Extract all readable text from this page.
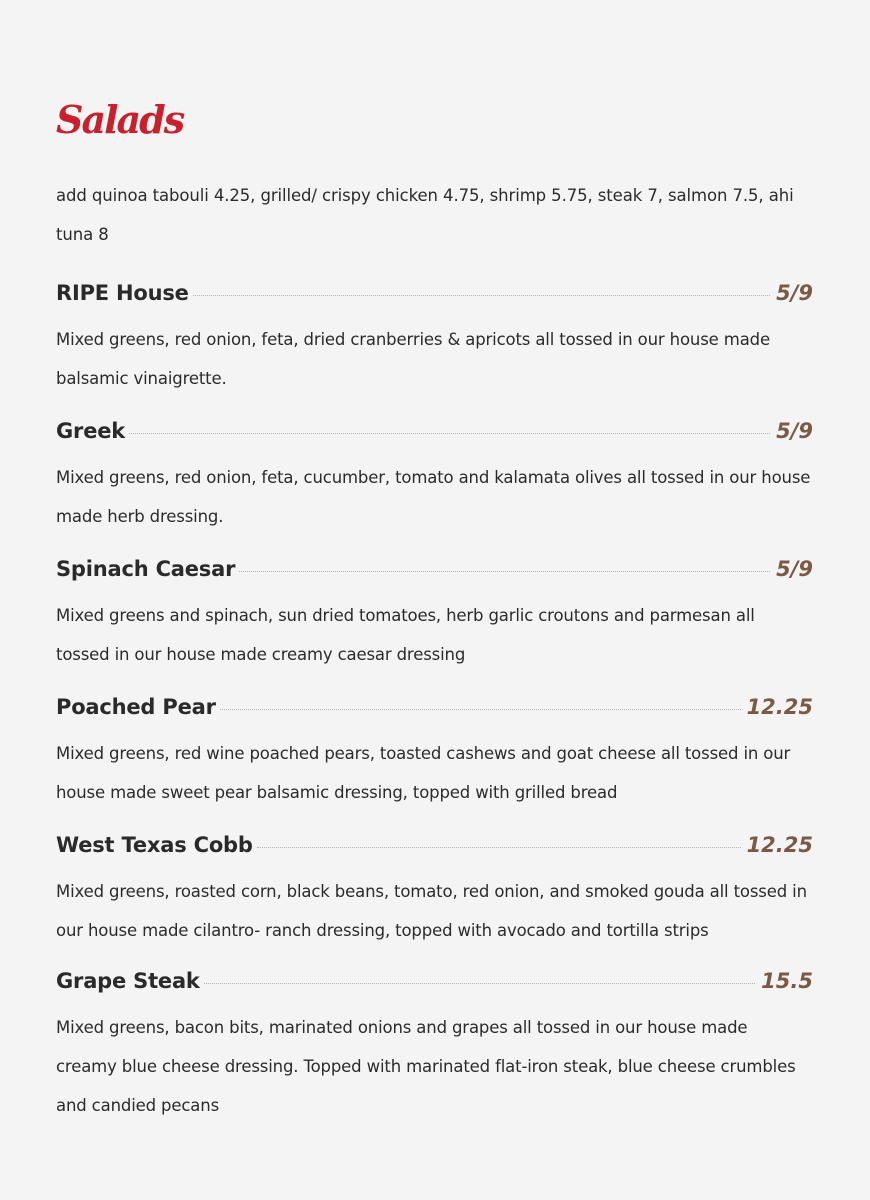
Salads
add quinoa tabouli 4.25, grilled/ crispy chicken 4.75, shrimp 5.75, steak 7, salmon 7.5, ahi tuna 8
RIPE House	5/9
Mixed greens, red onion, feta, dried cranberries & apricots all tossed in our house made balsamic vinaigrette.
Greek	5/9
Mixed greens, red onion, feta, cucumber, tomato and kalamata olives all tossed in our house made herb dressing.
Spinach Caesar	5/9
Mixed greens and spinach, sun dried tomatoes, herb garlic croutons and parmesan all tossed in our house made creamy caesar dressing
Poached Pear	12.25
Mixed greens, red wine poached pears, toasted cashews and goat cheese all tossed in our house made sweet pear balsamic dressing, topped with grilled bread
West Texas Cobb	12.25
Mixed greens, roasted corn, black beans, tomato, red onion, and smoked gouda all tossed in our house made cilantro- ranch dressing, topped with avocado and tortilla strips
Grape Steak	15.5
Mixed greens, bacon bits, marinated onions and grapes all tossed in our house made creamy blue cheese dressing. Topped with marinated flat-iron steak, blue cheese crumbles and candied pecans
